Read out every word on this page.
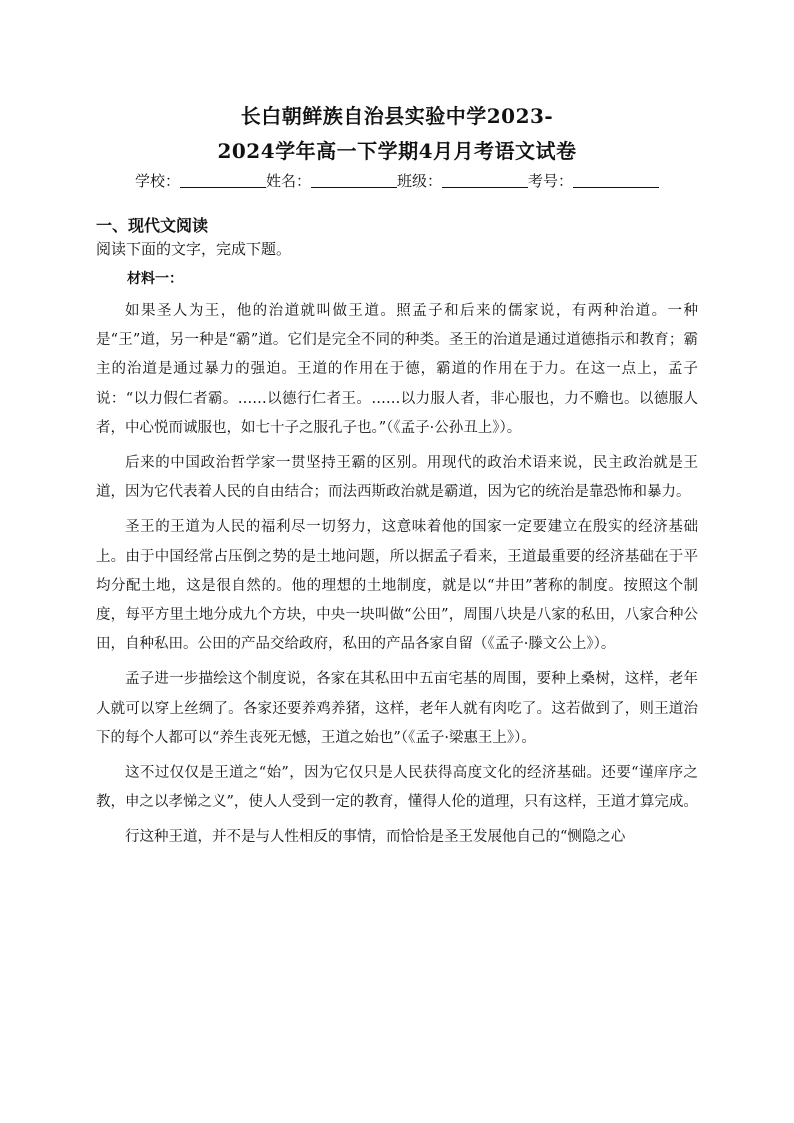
长白朝鲜族自治县实验中学2023-
2024学年高一下学期4月月考语文试卷
学校：	姓名：	班级：	考号：
一、现代文阅读
阅读下面的文字，完成下题。
材料一：

如果圣人为王，他的治道就叫做王道。照孟子和后来的儒家说，有两种治道。一种是“王”道，另一种是“霸”道。它们是完全不同的种类。圣王的治道是通过道德指示和教育；霸主的治道是通过暴力的强迫。王道的作用在于德，霸道的作用在于力。在这一点上，孟子说：“以力假仁者霸。……以德行仁者王。……以力服人者，非心服也，力不赡也。以德服人者，中心悦而诚服也，如七十子之服孔子也。”（《孟子·公孙丑上》）。

后来的中国政治哲学家一贯坚持王霸的区别。用现代的政治术语来说，民主政治就是王道，因为它代表着人民的自由结合；而法西斯政治就是霸道，因为它的统治是靠恐怖和暴力。

圣王的王道为人民的福利尽一切努力，这意味着他的国家一定要建立在殷实的经济基础上。由于中国经常占压倒之势的是土地问题，所以据孟子看来，王道最重要的经济基础在于平均分配土地，这是很自然的。他的理想的土地制度，就是以“井田”著称的制度。按照这个制度，每平方里土地分成九个方块，中央一块叫做“公田”，周围八块是八家的私田，八家合种公田，自种私田。公田的产品交给政府，私田的产品各家自留（《孟子·滕文公上》）。

孟子进一步描绘这个制度说，各家在其私田中五亩宅基的周围，要种上桑树，这样，老年人就可以穿上丝绸了。各家还要养鸡养猪，这样，老年人就有肉吃了。这若做到了，则王道治下的每个人都可以“养生丧死无憾，王道之始也”（《孟子·梁惠王上》）。

这不过仅仅是王道之“始”，因为它仅只是人民获得高度文化的经济基础。还要“谨庠序之教，申之以孝悌之义”，使人人受到一定的教育，懂得人伦的道理，只有这样，王道才算完成。

行这种王道，并不是与人性相反的事情，而恰恰是圣王发展他自己的“恻隐之心
